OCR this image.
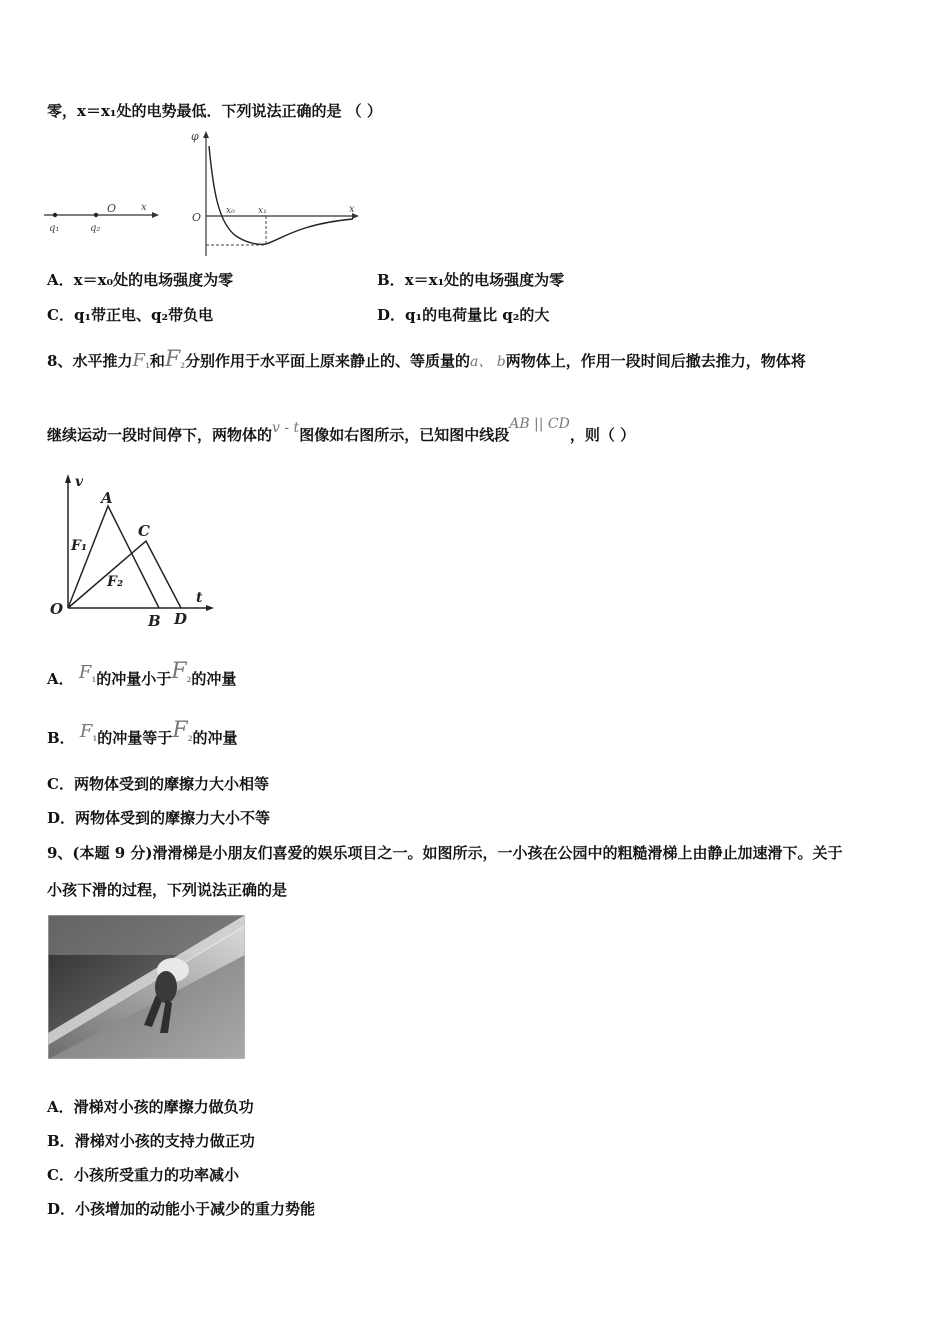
零，x＝x₁处的电势最低．下列说法正确的是 （ ）
O x
q₁	q₂
φ
O
x
x₀	x₁
A．x＝x₀处的电场强度为零	B．x＝x₁处的电场强度为零
C．q₁带正电、q₂带负电	D．q₁的电荷量比 q₂的大
8、水平推力$F_1$和$F_2$分别作用于水平面上原来静止的、等质量的a、 b两物体上，作用一段时间后撤去推力，物体将
继续运动一段时间停下，两物体的v - t图像如右图所示，已知图中线段AB || CD，则（ ）
v
t
O
A
C
B D
F₁
F₂
A． $F^1$的冲量小于$F^2$的冲量
B． $F^1$的冲量等于$F^2$的冲量
C．两物体受到的摩擦力大小相等
D．两物体受到的摩擦力大小不等
9、(本题 9 分)滑滑梯是小朋友们喜爱的娱乐项目之一。如图所示，一小孩在公园中的粗糙滑梯上由静止加速滑下。关于
小孩下滑的过程，下列说法正确的是
A．滑梯对小孩的摩擦力做负功
B．滑梯对小孩的支持力做正功
C．小孩所受重力的功率减小
D．小孩增加的动能小于减少的重力势能
